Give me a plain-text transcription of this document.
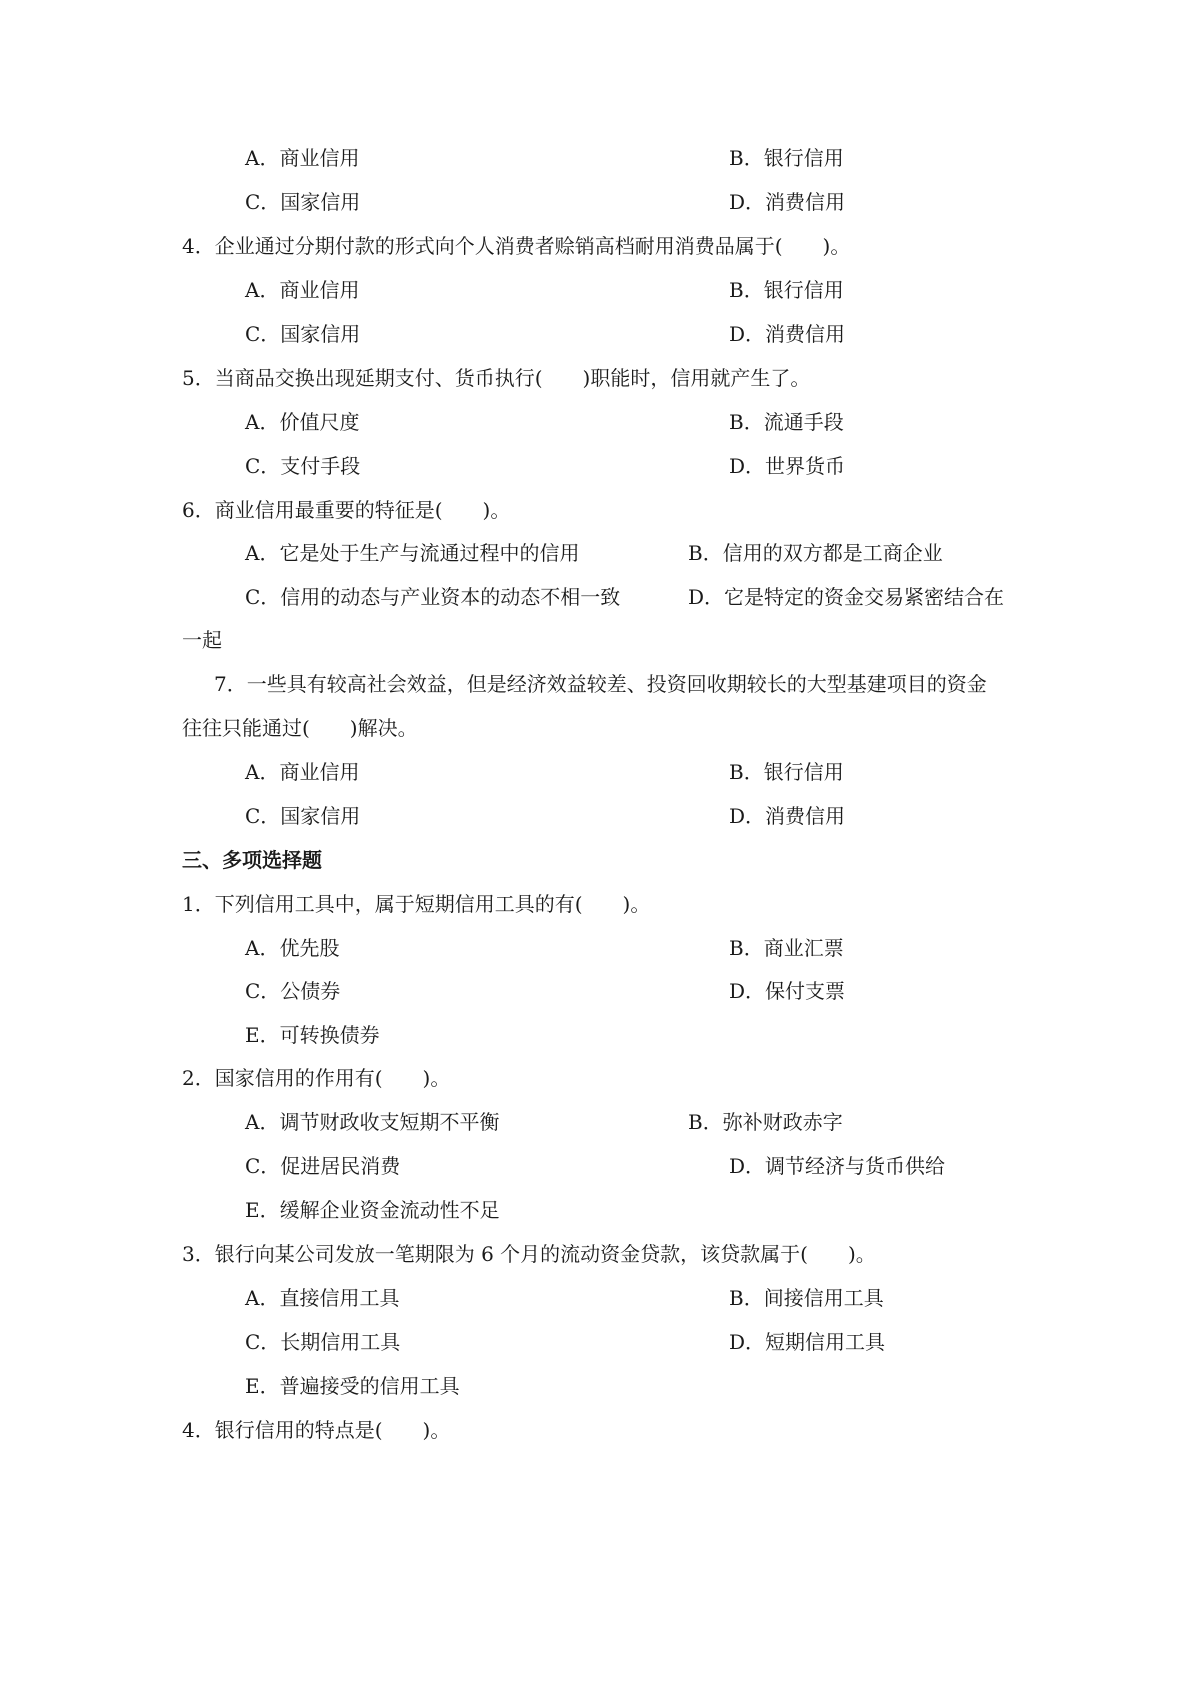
A．商业信用	B．银行信用
C．国家信用	D．消费信用
4．企业通过分期付款的形式向个人消费者赊销高档耐用消费品属于(　　)。
A．商业信用	B．银行信用
C．国家信用	D．消费信用
5．当商品交换出现延期支付、货币执行(　　)职能时，信用就产生了。
A．价值尺度	B．流通手段
C．支付手段	D．世界货币
6．商业信用最重要的特征是(　　)。
A．它是处于生产与流通过程中的信用	B．信用的双方都是工商企业
C．信用的动态与产业资本的动态不相一致	D．它是特定的资金交易紧密结合在
一起
7．一些具有较高社会效益，但是经济效益较差、投资回收期较长的大型基建项目的资金
往往只能通过(　　)解决。
A．商业信用	B．银行信用
C．国家信用	D．消费信用
三、多项选择题
1．下列信用工具中，属于短期信用工具的有(　　)。
A．优先股	B．商业汇票
C．公债券	D．保付支票
E．可转换债券
2．国家信用的作用有(　　)。
A．调节财政收支短期不平衡	B．弥补财政赤字
C．促进居民消费	D．调节经济与货币供给
E．缓解企业资金流动性不足
3．银行向某公司发放一笔期限为 6 个月的流动资金贷款，该贷款属于(　　)。
A．直接信用工具	B．间接信用工具
C．长期信用工具	D．短期信用工具
E．普遍接受的信用工具
4．银行信用的特点是(　　)。
